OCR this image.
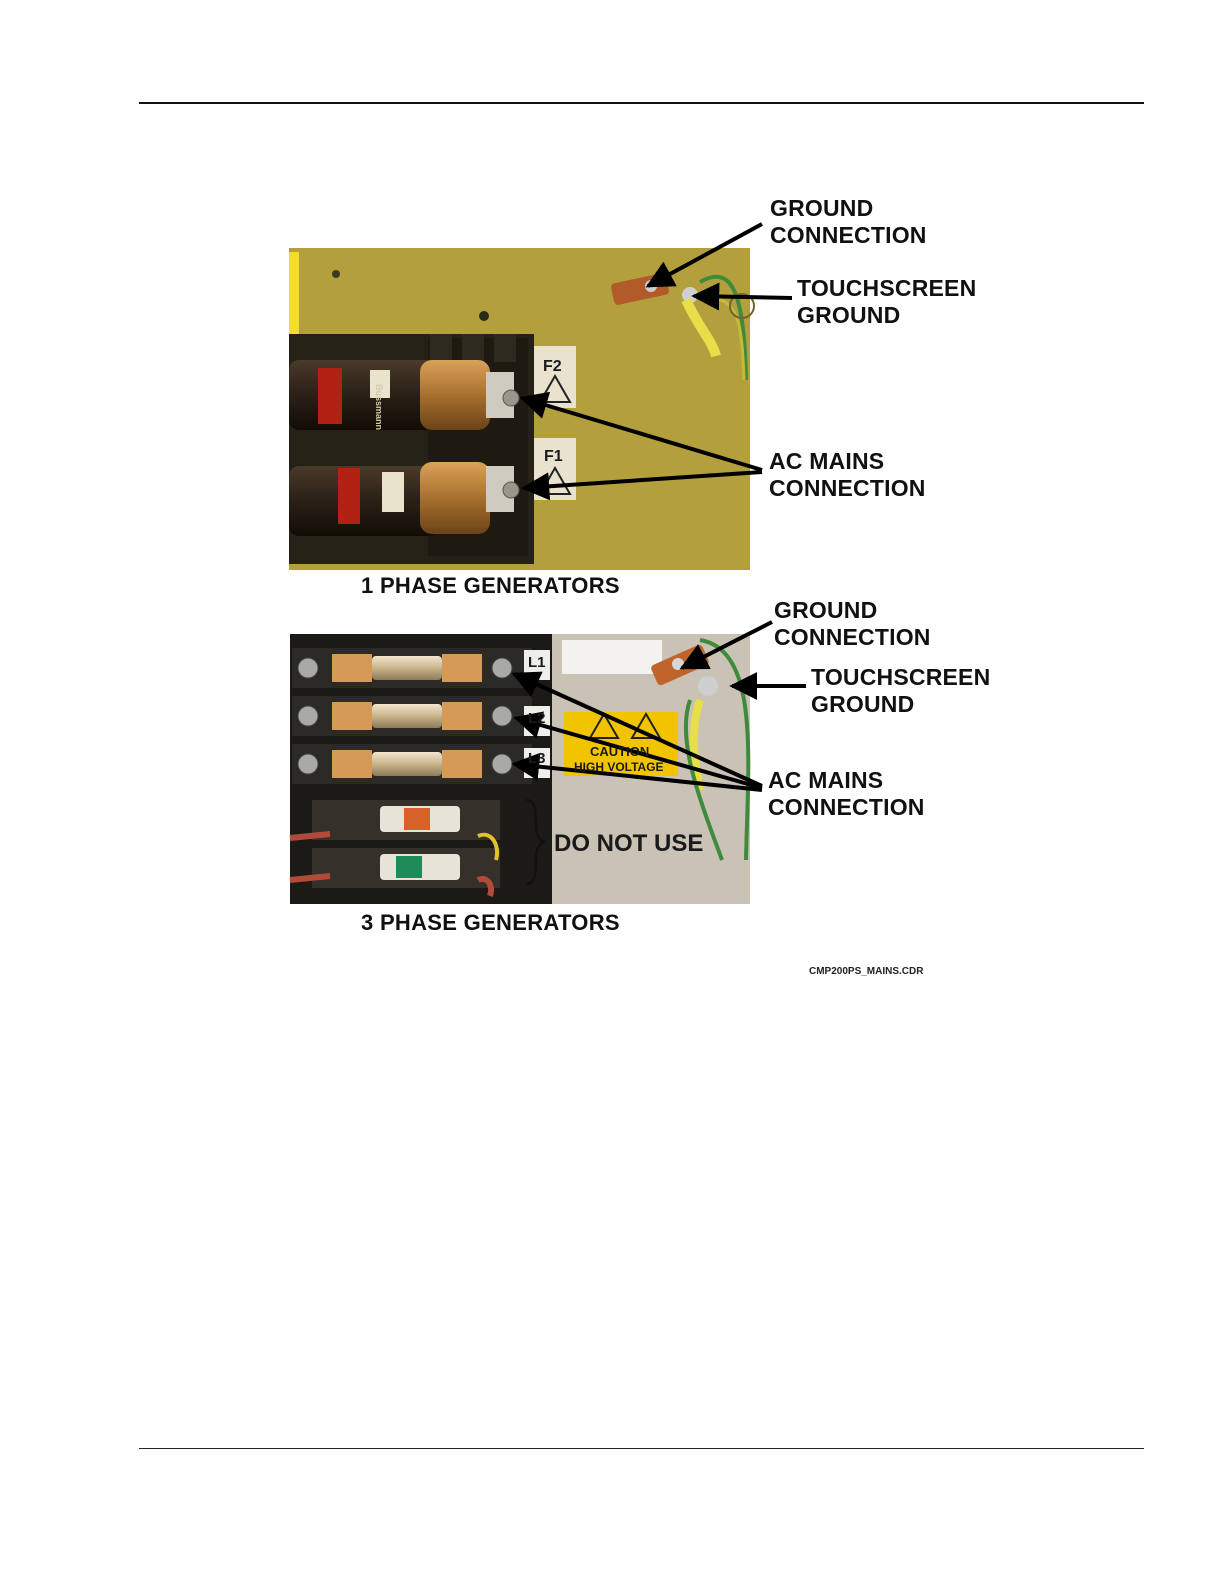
F2
F1
Bussmann
L1
L2
L3	CAUTION
HIGH VOLTAGE
GROUND
CONNECTION
TOUCHSCREEN
GROUND
AC MAINS
CONNECTION
1 PHASE GENERATORS
GROUND
CONNECTION
TOUCHSCREEN
GROUND
AC MAINS
CONNECTION
DO NOT USE
3 PHASE GENERATORS
CMP200PS_MAINS.CDR
